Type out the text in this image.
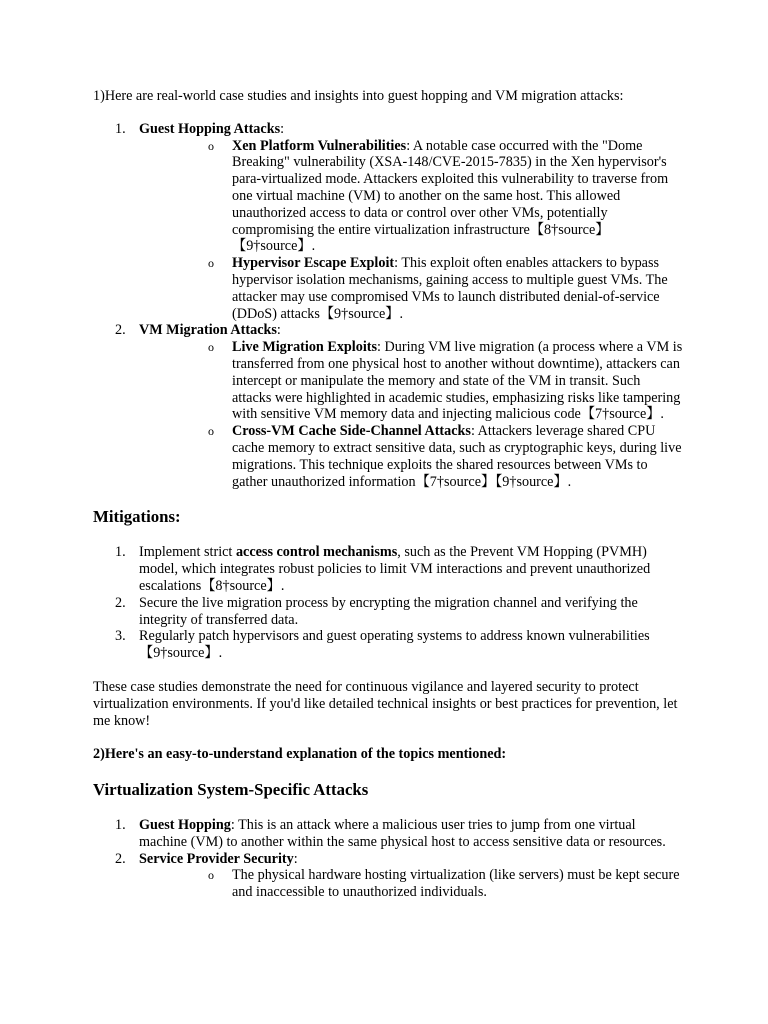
1)Here are real-world case studies and insights into guest hopping and VM migration attacks:

1. Guest Hopping Attacks:
o Xen Platform Vulnerabilities: A notable case occurred with the "Dome Breaking" vulnerability (XSA-148/CVE-2015-7835) in the Xen hypervisor's para-virtualized mode. Attackers exploited this vulnerability to traverse from one virtual machine (VM) to another on the same host. This allowed unauthorized access to data or control over other VMs, potentially compromising the entire virtualization infrastructure【8†source】【9†source】.
o Hypervisor Escape Exploit: This exploit often enables attackers to bypass hypervisor isolation mechanisms, gaining access to multiple guest VMs. The attacker may use compromised VMs to launch distributed denial-of-service (DDoS) attacks【9†source】.
2. VM Migration Attacks:
o Live Migration Exploits: During VM live migration (a process where a VM is transferred from one physical host to another without downtime), attackers can intercept or manipulate the memory and state of the VM in transit. Such attacks were highlighted in academic studies, emphasizing risks like tampering with sensitive VM memory data and injecting malicious code【7†source】.
o Cross-VM Cache Side-Channel Attacks: Attackers leverage shared CPU cache memory to extract sensitive data, such as cryptographic keys, during live migrations. This technique exploits the shared resources between VMs to gather unauthorized information【7†source】【9†source】.
Mitigations:
1. Implement strict access control mechanisms, such as the Prevent VM Hopping (PVMH) model, which integrates robust policies to limit VM interactions and prevent unauthorized escalations【8†source】.
2. Secure the live migration process by encrypting the migration channel and verifying the integrity of transferred data.
3. Regularly patch hypervisors and guest operating systems to address known vulnerabilities【9†source】.

These case studies demonstrate the need for continuous vigilance and layered security to protect virtualization environments. If you'd like detailed technical insights or best practices for prevention, let me know!

2)Here's an easy-to-understand explanation of the topics mentioned:

Virtualization System-Specific Attacks
1. Guest Hopping: This is an attack where a malicious user tries to jump from one virtual machine (VM) to another within the same physical host to access sensitive data or resources.
2. Service Provider Security:
o The physical hardware hosting virtualization (like servers) must be kept secure and inaccessible to unauthorized individuals.
